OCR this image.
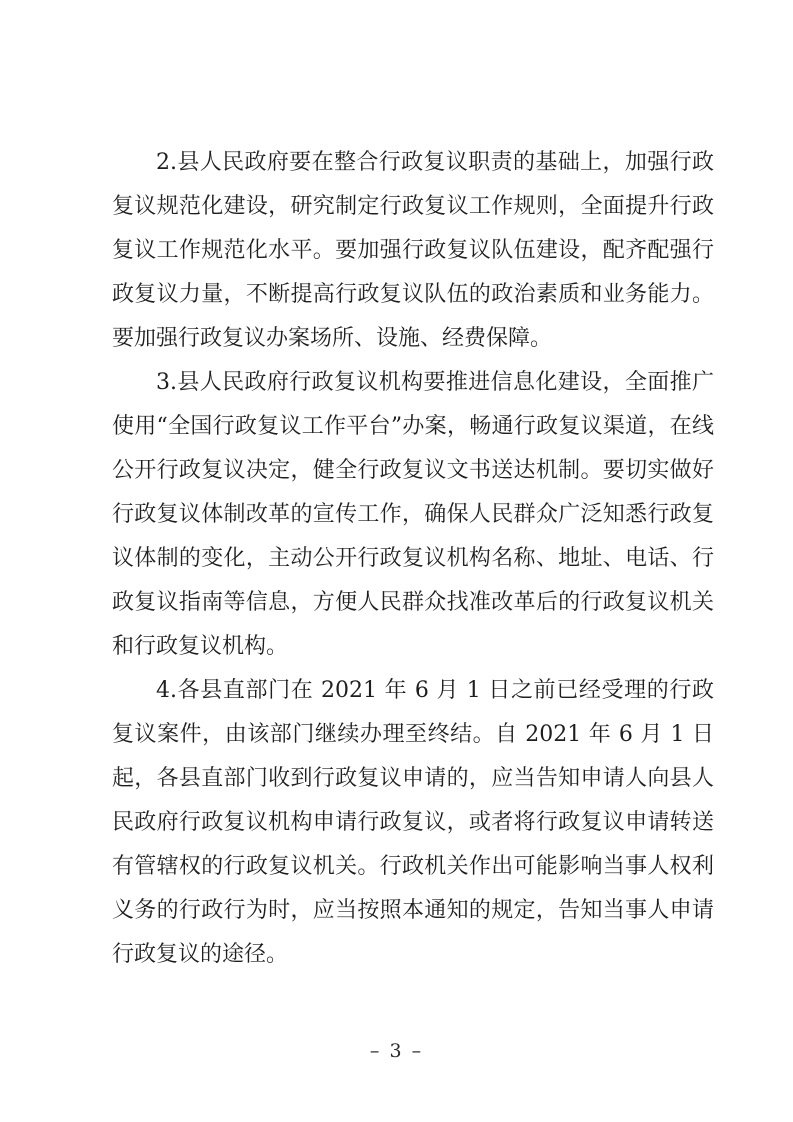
2.县人民政府要在整合行政复议职责的基础上，加强行政复议规范化建设，研究制定行政复议工作规则，全面提升行政复议工作规范化水平。要加强行政复议队伍建设，配齐配强行政复议力量，不断提高行政复议队伍的政治素质和业务能力。要加强行政复议办案场所、设施、经费保障。

3.县人民政府行政复议机构要推进信息化建设，全面推广使用“全国行政复议工作平台”办案，畅通行政复议渠道，在线公开行政复议决定，健全行政复议文书送达机制。要切实做好行政复议体制改革的宣传工作，确保人民群众广泛知悉行政复议体制的变化，主动公开行政复议机构名称、地址、电话、行政复议指南等信息，方便人民群众找准改革后的行政复议机关和行政复议机构。

4.各县直部门在 2021 年 6 月 1 日之前已经受理的行政复议案件，由该部门继续办理至终结。自 2021 年 6 月 1 日起，各县直部门收到行政复议申请的，应当告知申请人向县人民政府行政复议机构申请行政复议，或者将行政复议申请转送有管辖权的行政复议机关。行政机关作出可能影响当事人权利义务的行政行为时，应当按照本通知的规定，告知当事人申请行政复议的途径。

– 3 –
